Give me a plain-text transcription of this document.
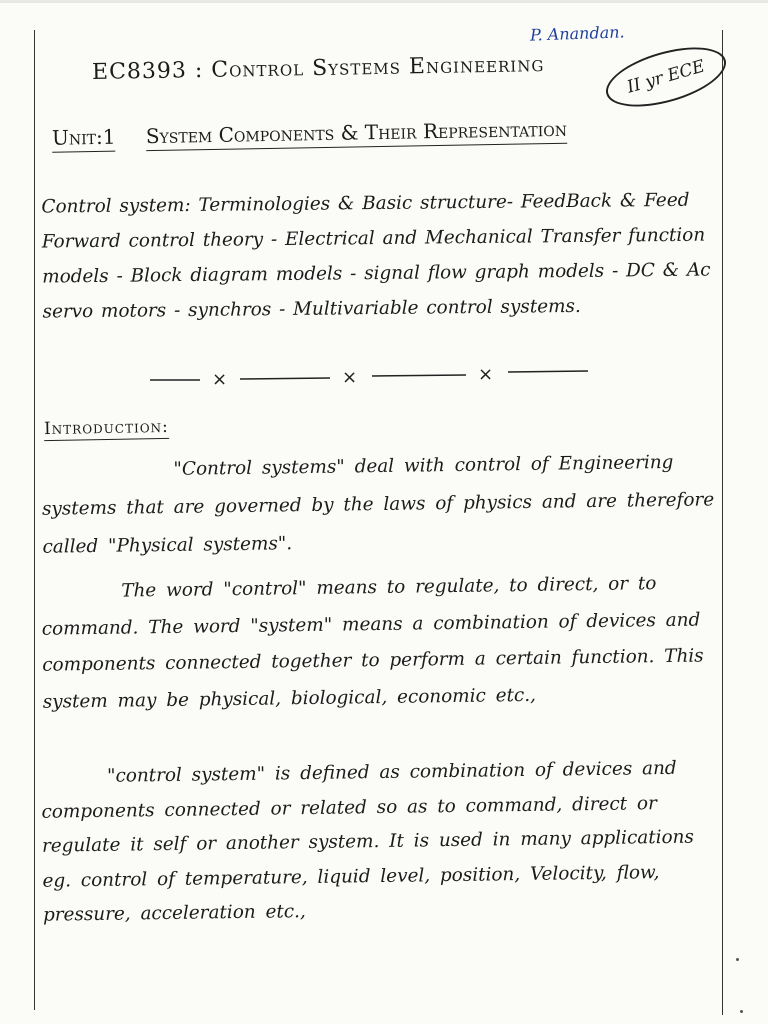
P. Anandan.
EC8393 : Control Systems Engineering	II yr ECE
Unit:1 System Components & Their Representation
Control system: Terminologies & Basic structure- FeedBack & Feed Forward control theory - Electrical and Mechanical Transfer function models - Block diagram models - signal flow graph models - DC & Ac servo motors - synchros - Multivariable control systems.
×	×	×
Introduction:
"Control systems" deal with control of Engineering systems that are governed by the laws of physics and are therefore called "Physical systems".
The word "control" means to regulate, to direct, or to command. The word "system" means a combination of devices and components connected together to perform a certain function. This system may be physical, biological, economic etc.,
"control system" is defined as combination of devices and components connected or related so as to command, direct or regulate it self or another system. It is used in many applications eg. control of temperature, liquid level, position, Velocity, flow, pressure, acceleration etc.,
